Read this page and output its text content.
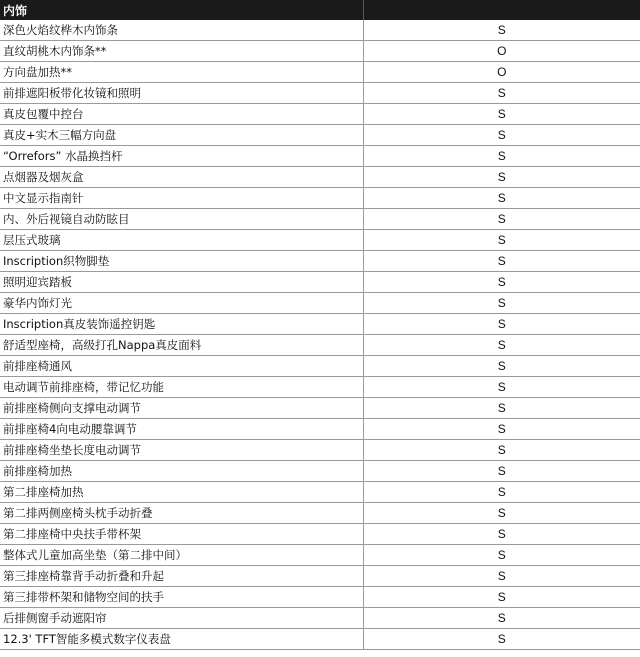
内饰	
深色火焰纹桦木内饰条	S
直纹胡桃木内饰条**	O
方向盘加热**	O
前排遮阳板带化妆镜和照明	S
真皮包覆中控台	S
真皮+实木三幅方向盘	S
“Orrefors” 水晶换挡杆	S
点烟器及烟灰盒	S
中文显示指南针	S
内、外后视镜自动防眩目	S
层压式玻璃	S
Inscription织物脚垫	S
照明迎宾踏板	S
豪华内饰灯光	S
Inscription真皮装饰遥控钥匙	S
舒适型座椅，高级打孔Nappa真皮面料	S
前排座椅通风	S
电动调节前排座椅，带记忆功能	S
前排座椅侧向支撑电动调节	S
前排座椅4向电动腰靠调节	S
前排座椅坐垫长度电动调节	S
前排座椅加热	S
第二排座椅加热	S
第二排两侧座椅头枕手动折叠	S
第二排座椅中央扶手带杯架	S
整体式儿童加高坐垫（第二排中间）	S
第三排座椅靠背手动折叠和升起	S
第三排带杯架和储物空间的扶手	S
后排侧窗手动遮阳帘	S
12.3' TFT智能多模式数字仪表盘	S
